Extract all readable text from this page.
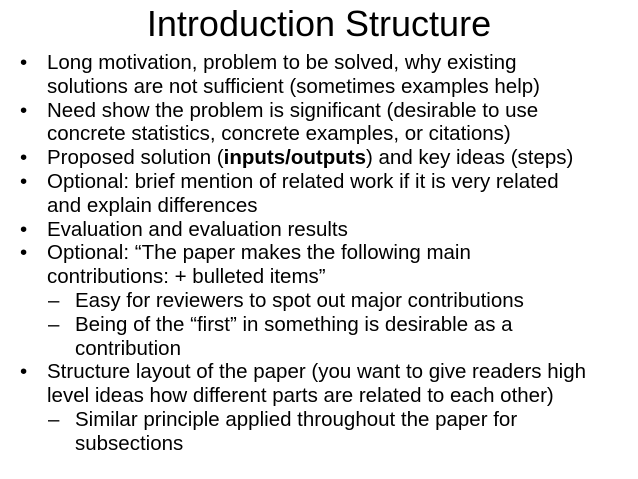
Introduction Structure
• Long motivation, problem to be solved, why existing
solutions are not sufficient (sometimes examples help)
• Need show the problem is significant (desirable to use
concrete statistics, concrete examples, or citations)
• Proposed solution (inputs/outputs) and key ideas (steps)
• Optional: brief mention of related work if it is very related
and explain differences
• Evaluation and evaluation results
• Optional: “The paper makes the following main
contributions: + bulleted items”
– Easy for reviewers to spot out major contributions
– Being of the “first” in something is desirable as a
contribution
• Structure layout of the paper (you want to give readers high
level ideas how different parts are related to each other)
– Similar principle applied throughout the paper for
subsections
